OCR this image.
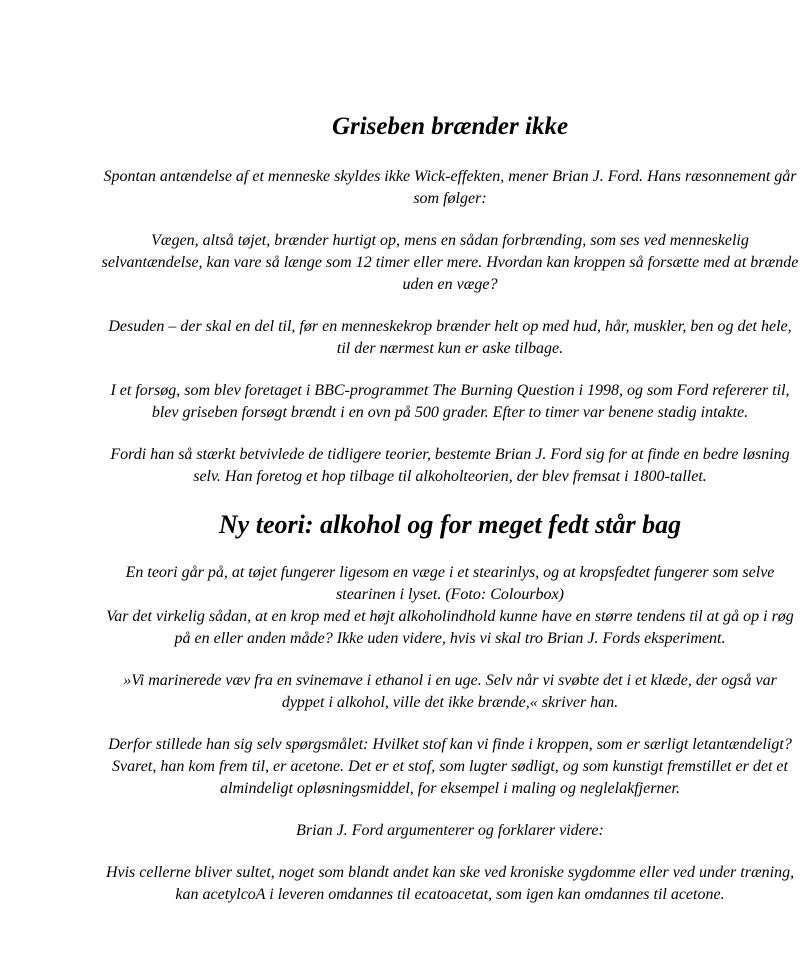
Griseben brænder ikke

Spontan antændelse af et menneske skyldes ikke Wick-effekten, mener Brian J. Ford. Hans ræsonnement går som følger:

Vægen, altså tøjet, brænder hurtigt op, mens en sådan forbrænding, som ses ved menneskelig selvantændelse, kan vare så længe som 12 timer eller mere. Hvordan kan kroppen så forsætte med at brænde uden en væge?

Desuden – der skal en del til, før en menneskekrop brænder helt op med hud, hår, muskler, ben og det hele, til der nærmest kun er aske tilbage.

I et forsøg, som blev foretaget i BBC-programmet The Burning Question i 1998, og som Ford refererer til, blev griseben forsøgt brændt i en ovn på 500 grader. Efter to timer var benene stadig intakte.

Fordi han så stærkt betvivlede de tidligere teorier, bestemte Brian J. Ford sig for at finde en bedre løsning selv. Han foretog et hop tilbage til alkoholteorien, der blev fremsat i 1800-tallet.

Ny teori: alkohol og for meget fedt står bag

En teori går på, at tøjet fungerer ligesom en væge i et stearinlys, og at kropsfedtet fungerer som selve stearinen i lyset. (Foto: Colourbox)

Var det virkelig sådan, at en krop med et højt alkoholindhold kunne have en større tendens til at gå op i røg på en eller anden måde? Ikke uden videre, hvis vi skal tro Brian J. Fords eksperiment.

»Vi marinerede væv fra en svinemave i ethanol i en uge. Selv når vi svøbte det i et klæde, der også var dyppet i alkohol, ville det ikke brænde,« skriver han.

Derfor stillede han sig selv spørgsmålet: Hvilket stof kan vi finde i kroppen, som er særligt letantændeligt? Svaret, han kom frem til, er acetone. Det er et stof, som lugter sødligt, og som kunstigt fremstillet er det et almindeligt opløsningsmiddel, for eksempel i maling og neglelakfjerner.

Brian J. Ford argumenterer og forklarer videre:

Hvis cellerne bliver sultet, noget som blandt andet kan ske ved kroniske sygdomme eller ved under træning, kan acetylcoA i leveren omdannes til ecatoacetat, som igen kan omdannes til acetone.
